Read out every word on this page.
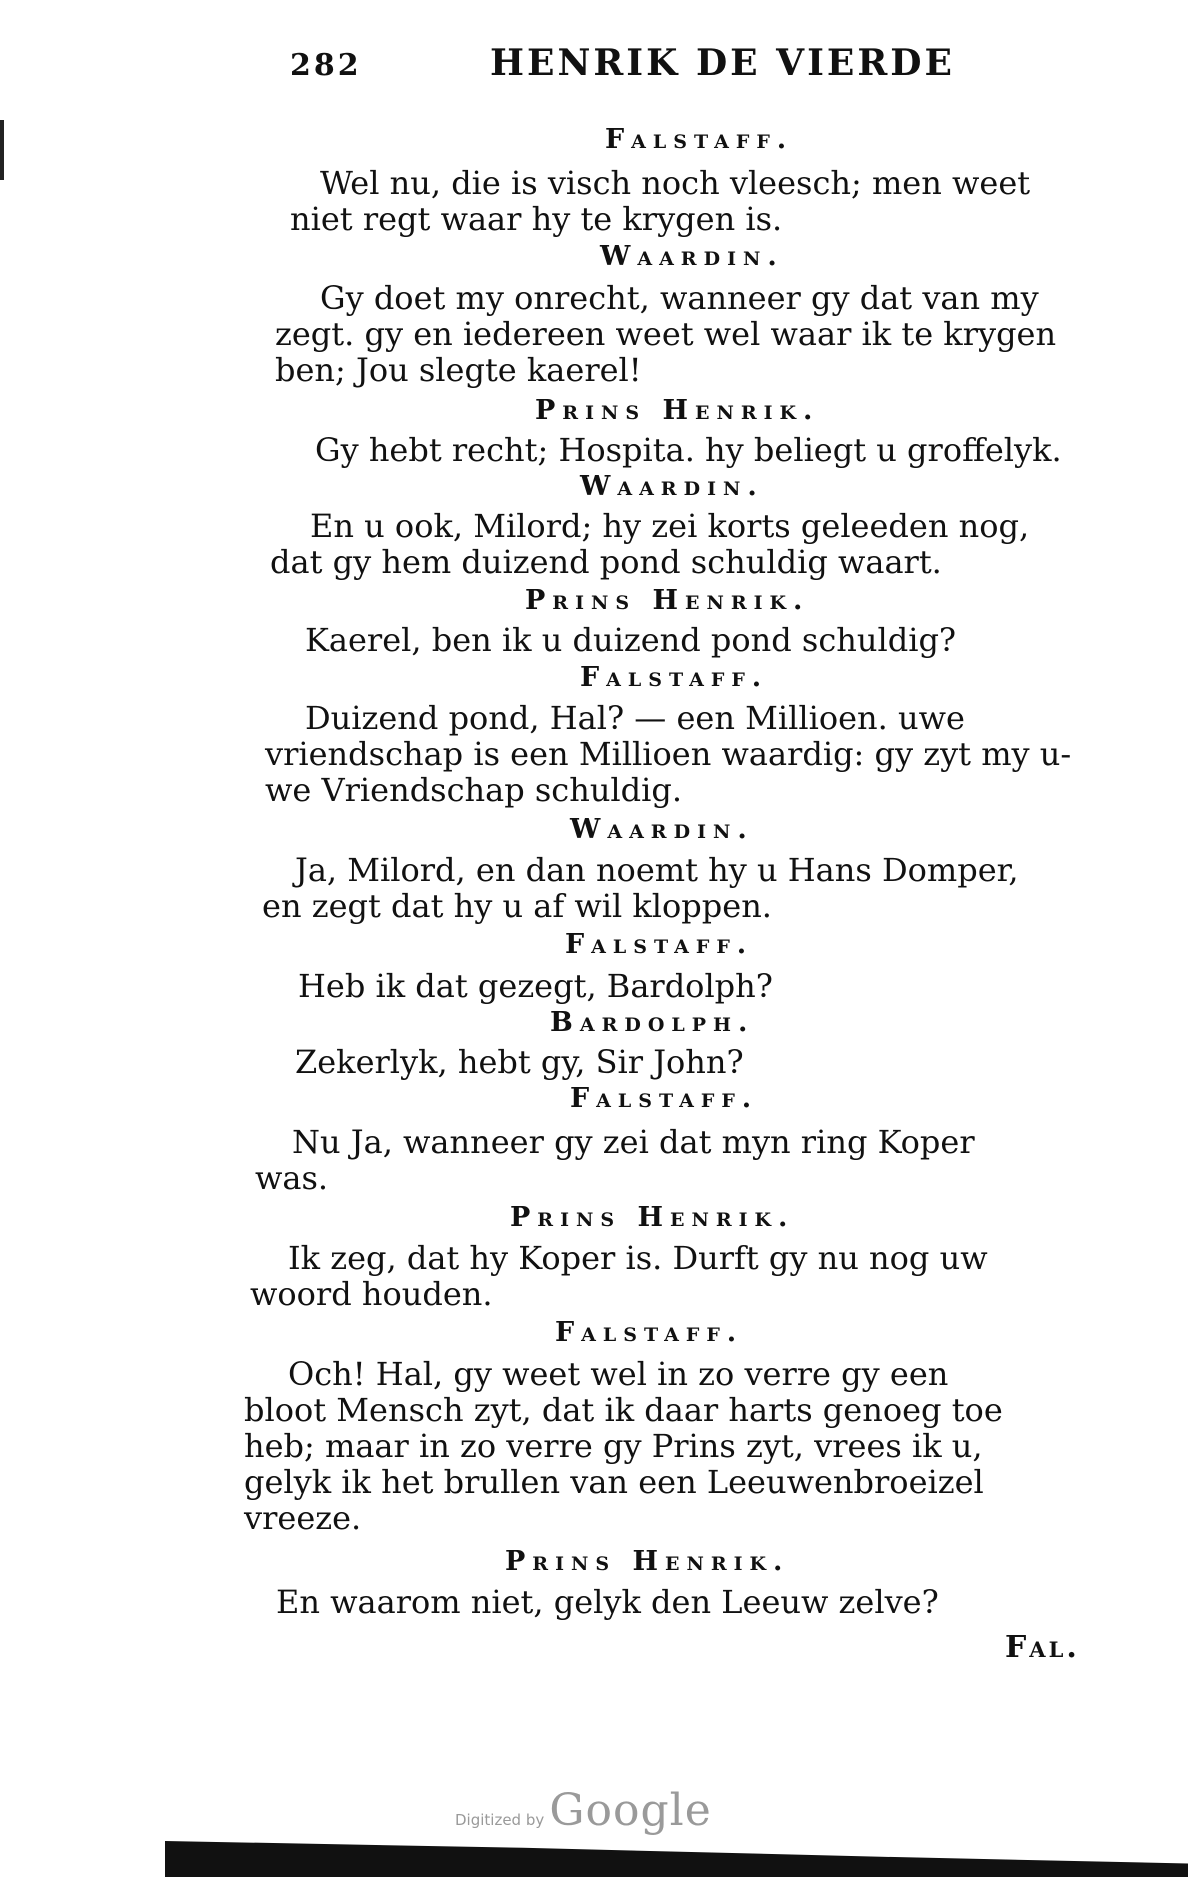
282	HENRIK DE VIERDE
Falstaff.
Wel nu, die is visch noch vleesch; men weet
niet regt waar hy te krygen is.
Waardin.
Gy doet my onrecht, wanneer gy dat van my
zegt. gy en iedereen weet wel waar ik te krygen
ben; Jou slegte kaerel!
Prins Henrik.
Gy hebt recht; Hospita. hy beliegt u groffelyk.
Waardin.
En u ook, Milord; hy zei korts geleeden nog,
dat gy hem duizend pond schuldig waart.
Prins Henrik.
Kaerel, ben ik u duizend pond schuldig?
Falstaff.
Duizend pond, Hal? — een Millioen. uwe
vriendschap is een Millioen waardig: gy zyt my u-
we Vriendschap schuldig.
Waardin.
Ja, Milord, en dan noemt hy u Hans Domper,
en zegt dat hy u af wil kloppen.
Falstaff.
Heb ik dat gezegt, Bardolph?
Bardolph.
Zekerlyk, hebt gy, Sir John?
Falstaff.
Nu Ja, wanneer gy zei dat myn ring Koper
was.
Prins Henrik.
Ik zeg, dat hy Koper is. Durft gy nu nog uw
woord houden.
Falstaff.
Och! Hal, gy weet wel in zo verre gy een
bloot Mensch zyt, dat ik daar harts genoeg toe
heb; maar in zo verre gy Prins zyt, vrees ik u,
gelyk ik het brullen van een Leeuwenbroeizel
vreeze.
Prins Henrik.
En waarom niet, gelyk den Leeuw zelve?
Fal.
Digitized by Google
